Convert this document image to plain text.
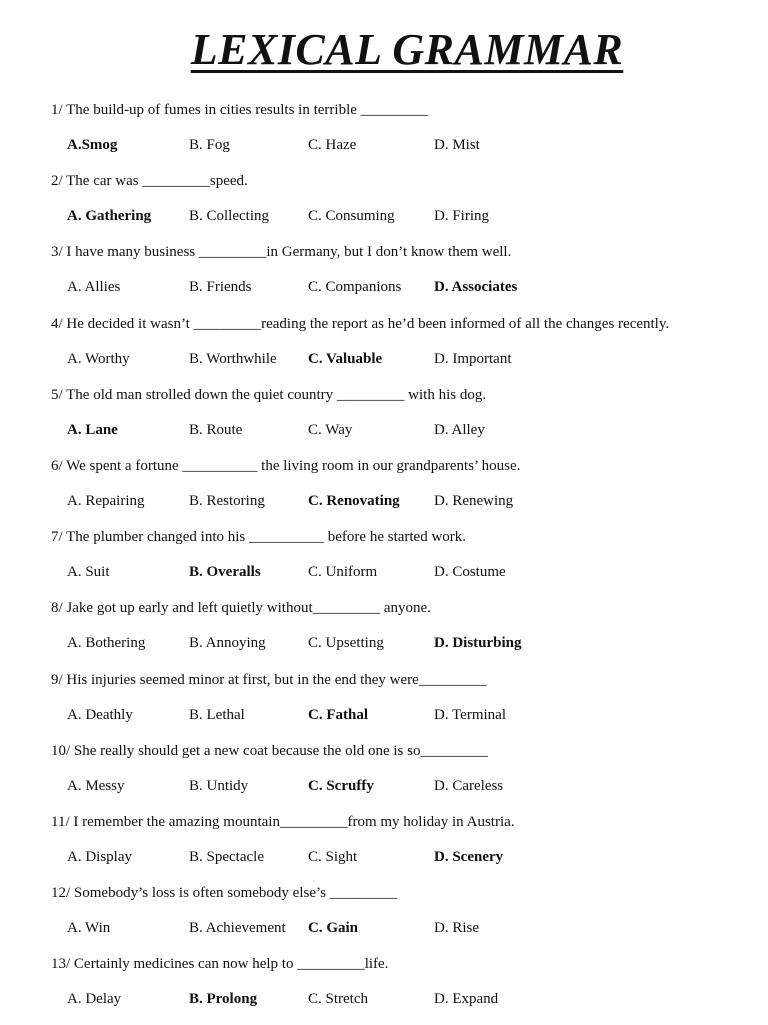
LEXICAL GRAMMAR
1/ The build-up of fumes in cities results in terrible _________
A.Smog	B. Fog	C. Haze	D. Mist
2/ The car was _________speed.
A. Gathering	B. Collecting	C. Consuming	D. Firing
3/ I have many business _________in Germany, but I don’t know them well.
A. Allies	B. Friends	C. Companions D. Associates
4/ He decided it wasn’t _________reading the report as he’d been informed of all the changes recently.
A. Worthy	B. Worthwhile C. Valuable	D. Important
5/ The old man strolled down the quiet country _________ with his dog.
A. Lane	B. Route	C. Way	D. Alley
6/ We spent a fortune __________ the living room in our grandparents’ house.
A. Repairing	B. Restoring	C. Renovating D. Renewing
7/ The plumber changed into his __________ before he started work.
A. Suit	B. Overalls	C. Uniform	D. Costume
8/ Jake got up early and left quietly without_________ anyone.
A. Bothering	B. Annoying	C. Upsetting	D. Disturbing
9/ His injuries seemed minor at first, but in the end they were_________
A. Deathly	B. Lethal	C. Fathal	D. Terminal
10/ She really should get a new coat because the old one is so_________
A. Messy	B. Untidy	C. Scruffy	D. Careless
11/ I remember the amazing mountain_________from my holiday in Austria.
A. Display	B. Spectacle	C. Sight	D. Scenery
12/ Somebody’s loss is often somebody else’s _________
A. Win	B. Achievement C. Gain	D. Rise
13/ Certainly medicines can now help to _________life.
A. Delay	B. Prolong	C. Stretch	D. Expand
